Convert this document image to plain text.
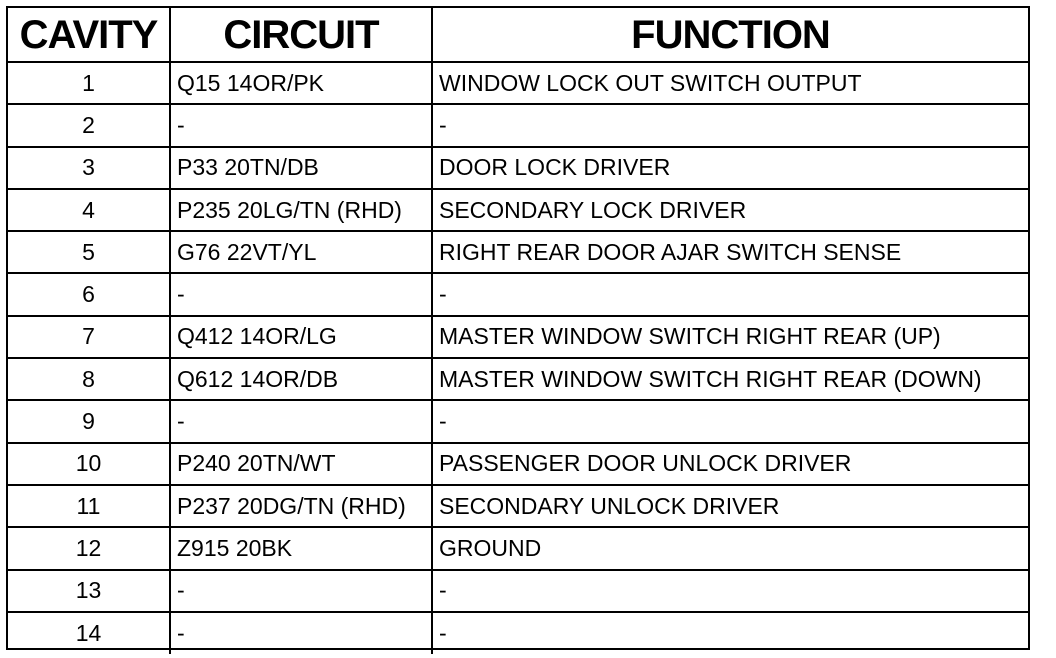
CAVITY	CIRCUIT	FUNCTION
1	Q15 14OR/PK	WINDOW LOCK OUT SWITCH OUTPUT
2	-	-
3	P33 20TN/DB	DOOR LOCK DRIVER
4	P235 20LG/TN (RHD)	SECONDARY LOCK DRIVER
5	G76 22VT/YL	RIGHT REAR DOOR AJAR SWITCH SENSE
6	-	-
7	Q412 14OR/LG	MASTER WINDOW SWITCH RIGHT REAR (UP)
8	Q612 14OR/DB	MASTER WINDOW SWITCH RIGHT REAR (DOWN)
9	-	-
10	P240 20TN/WT	PASSENGER DOOR UNLOCK DRIVER
11	P237 20DG/TN (RHD)	SECONDARY UNLOCK DRIVER
12	Z915 20BK	GROUND
13	-	-
14	-	-
